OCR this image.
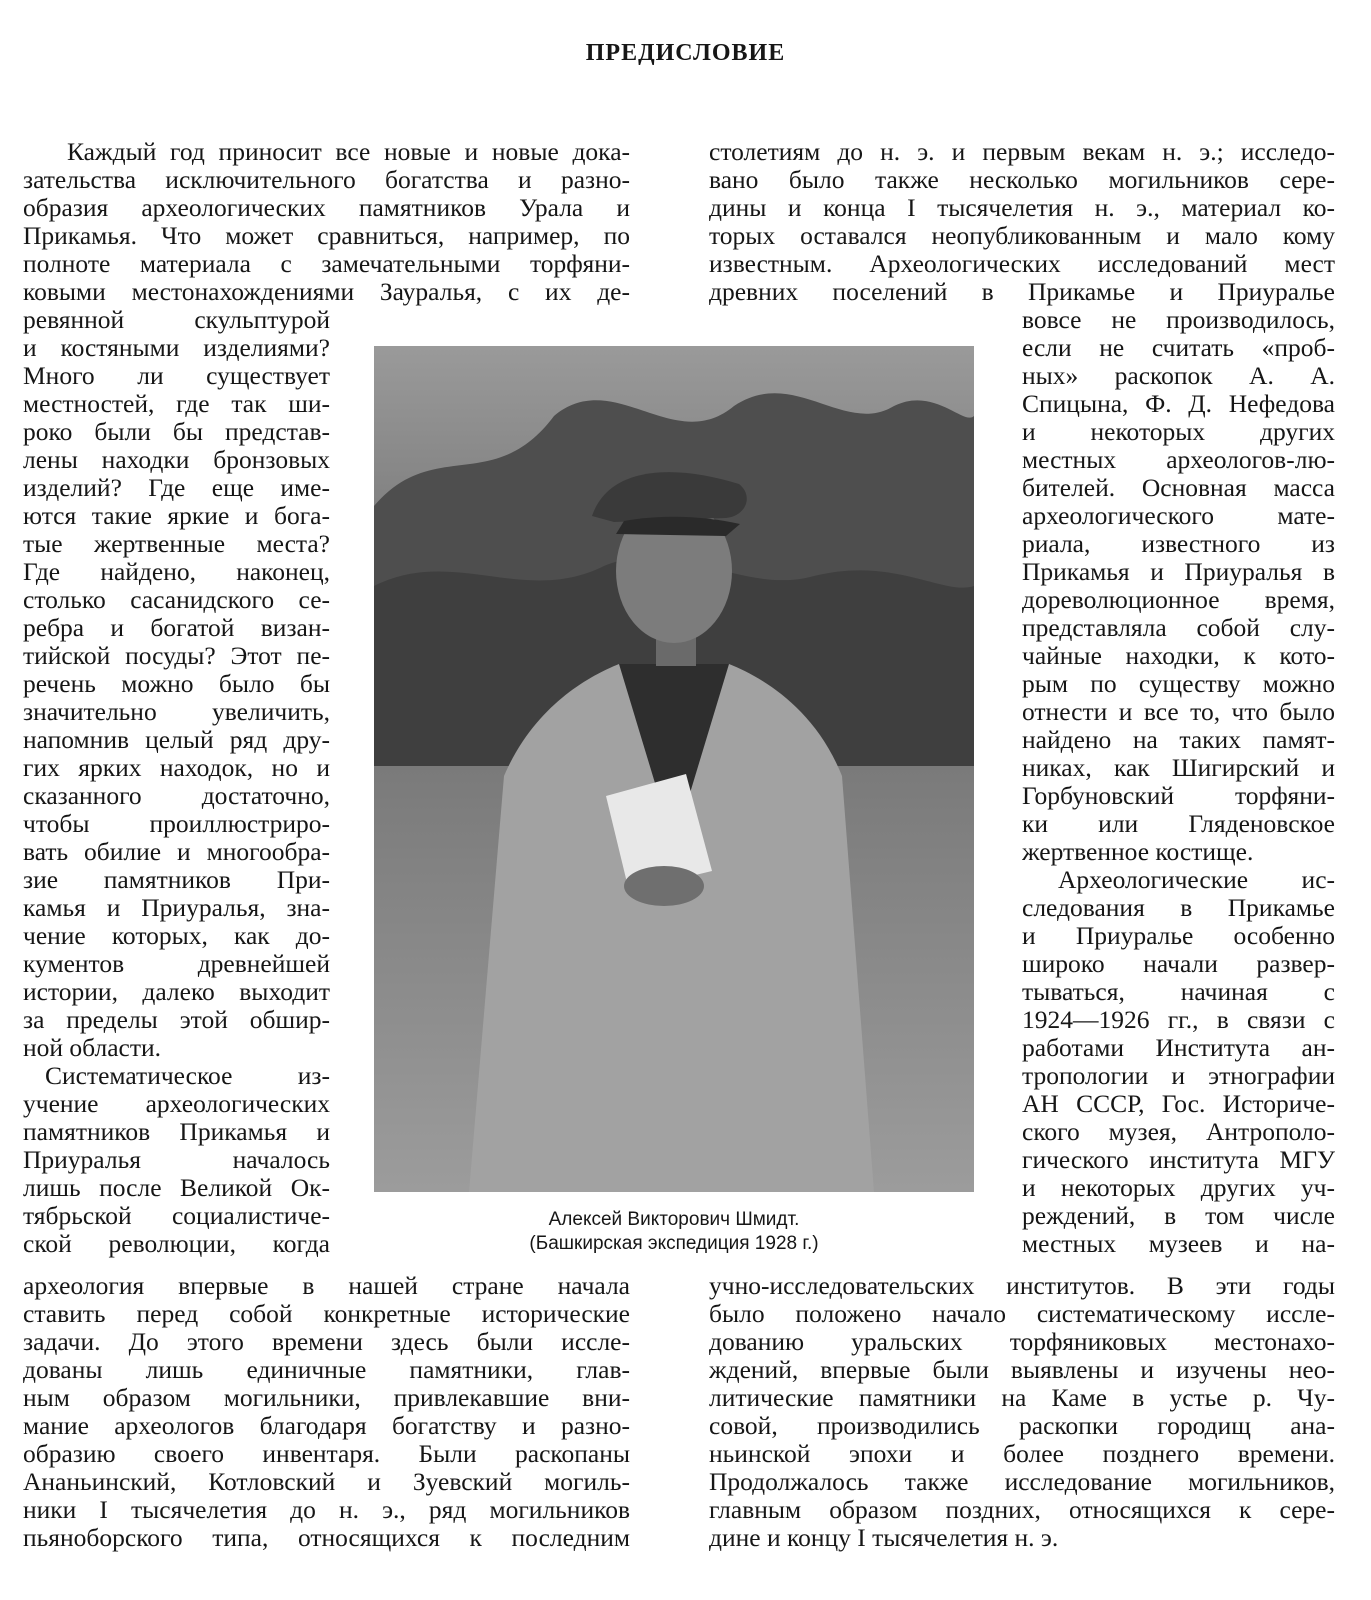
ПРЕДИСЛОВИЕ

Каждый год приносит все новые и новые дока-

зательства исключительного богатства и разно-

образия археологических памятников Урала и

Прикамья. Что может сравниться, например, по

полноте материала с замечательными торфяни-

ковыми местонахождениями Зауралья, с их де-

ревянной скульптурой

и костяными изделиями?

Много ли существует

местностей, где так ши-

роко были бы представ-

лены находки бронзовых

изделий? Где еще име-

ются такие яркие и бога-

тые жертвенные места?

Где найдено, наконец,

столько сасанидского се-

ребра и богатой визан-

тийской посуды? Этот пе-

речень можно было бы

значительно увеличить,

напомнив целый ряд дру-

гих ярких находок, но и

сказанного достаточно,

чтобы проиллюстриро-

вать обилие и многообра-

зие памятников При-

камья и Приуралья, зна-

чение которых, как до-

кументов древнейшей

истории, далеко выходит

за пределы этой обшир-

ной области.

Систематическое из-

учение археологических

памятников Прикамья и

Приуралья началось

лишь после Великой Ок-

тябрьской социалистиче-

ской революции, когда

археология впервые в нашей стране начала

ставить перед собой конкретные исторические

задачи. До этого времени здесь были иссле-

дованы лишь единичные памятники, глав-

ным образом могильники, привлекавшие вни-

мание археологов благодаря богатству и разно-

образию своего инвентаря. Были раскопаны

Ананьинский, Котловский и Зуевский могиль-

ники I тысячелетия до н. э., ряд могильников

пьяноборского типа, относящихся к последним

столетиям до н. э. и первым векам н. э.; исследо-

вано было также несколько могильников сере-

дины и конца I тысячелетия н. э., материал ко-

торых оставался неопубликованным и мало кому

известным. Археологических исследований мест

древних поселений в Прикамье и Приуралье

вовсе не производилось,

если не считать «проб-

ных» раскопок А. А.

Спицына, Ф. Д. Нефедова

и некоторых других

местных археологов-лю-

бителей. Основная масса

археологического мате-

риала, известного из

Прикамья и Приуралья в

дореволюционное время,

представляла собой слу-

чайные находки, к кото-

рым по существу можно

отнести и все то, что было

найдено на таких памят-

никах, как Шигирский и

Горбуновский торфяни-

ки или Гляденовское

жертвенное костище.

Археологические ис-

следования в Прикамье

и Приуралье особенно

широко начали развер-

тываться, начиная с

1924—1926 гг., в связи с

работами Института ан-

тропологии и этнографии

АН СССР, Гос. Историче-

ского музея, Антрополо-

гического института МГУ

и некоторых других уч-

реждений, в том числе

местных музеев и на-

учно-исследовательских институтов. В эти годы

было положено начало систематическому иссле-

дованию уральских торфяниковых местонахо-

ждений, впервые были выявлены и изучены нео-

литические памятники на Каме в устье р. Чу-

совой, производились раскопки городищ ана-

ньинской эпохи и более позднего времени.

Продолжалось также исследование могильников,

главным образом поздних, относящихся к сере-

дине и концу I тысячелетия н. э.

Алексей Викторович Шмидт.

(Башкирская экспедиция 1928 г.)
